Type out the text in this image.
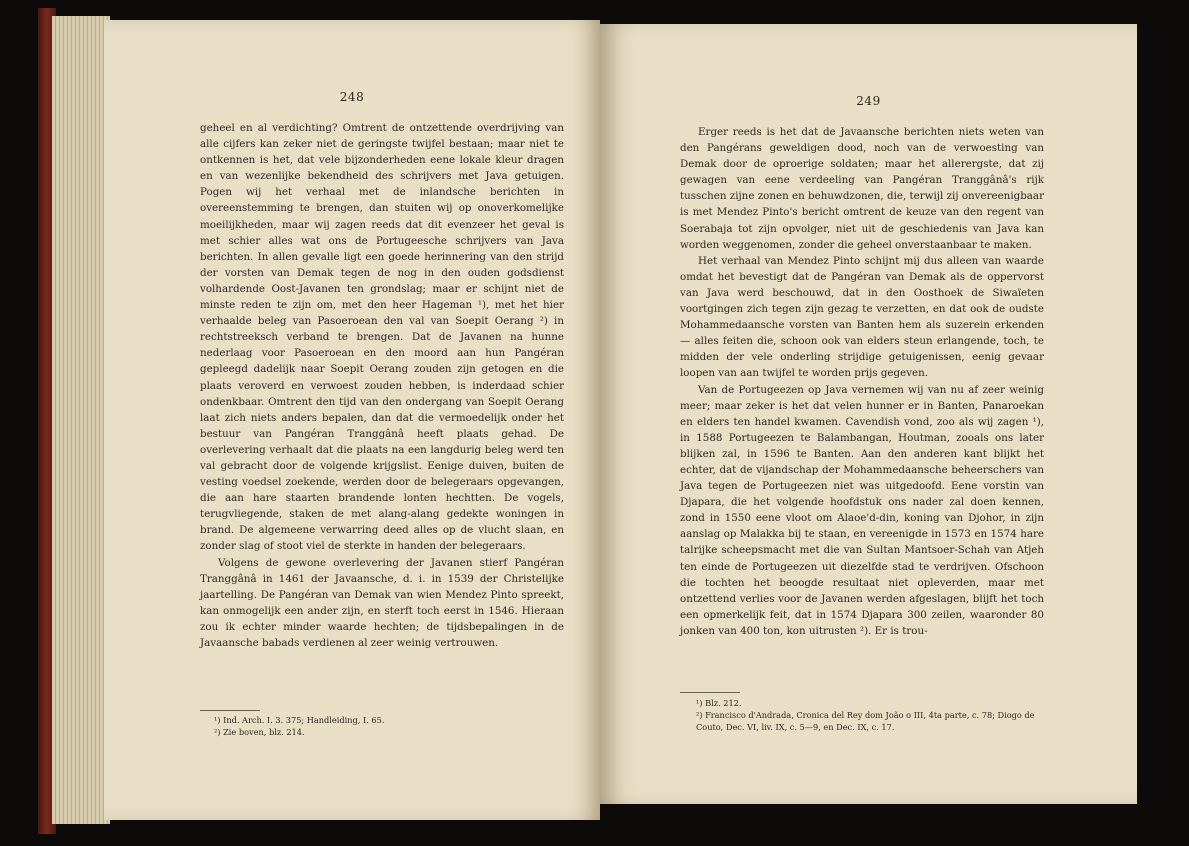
248

geheel en al verdichting? Omtrent de ontzettende overdrijving van alle cijfers kan zeker niet de geringste twijfel bestaan; maar niet te ontkennen is het, dat vele bijzonderheden eene lokale kleur dragen en van wezenlijke bekendheid des schrijvers met Java getuigen. Pogen wij het verhaal met de inlandsche berichten in overeenstemming te brengen, dan stuiten wij op onoverkomelijke moeilijkheden, maar wij zagen reeds dat dit evenzeer het geval is met schier alles wat ons de Portugeesche schrijvers van Java berichten. In allen gevalle ligt een goede herinnering van den strijd der vorsten van Demak tegen de nog in den ouden godsdienst volhardende Oost-Javanen ten grondslag; maar er schijnt niet de minste reden te zijn om, met den heer Hageman ¹), met het hier verhaalde beleg van Pasoeroean den val van Soepit Oerang ²) in rechtstreeksch verband te brengen. Dat de Javanen na hunne nederlaag voor Pasoeroean en den moord aan hun Pangéran gepleegd dadelijk naar Soepit Oerang zouden zijn getogen en die plaats veroverd en verwoest zouden hebben, is inderdaad schier ondenkbaar. Omtrent den tijd van den ondergang van Soepit Oerang laat zich niets anders bepalen, dan dat die vermoedelijk onder het bestuur van Pangéran Tranggânâ heeft plaats gehad. De overlevering verhaalt dat die plaats na een langdurig beleg werd ten val gebracht door de volgende krijgslist. Eenige duiven, buiten de vesting voedsel zoekende, werden door de belegeraars opgevangen, die aan hare staarten brandende lonten hechtten. De vogels, terugvliegende, staken de met alang-alang gedekte woningen in brand. De algemeene verwarring deed alles op de vlucht slaan, en zonder slag of stoot viel de sterkte in handen der belegeraars.

Volgens de gewone overlevering der Javanen stierf Pangéran Tranggânâ in 1461 der Javaansche, d. i. in 1539 der Christelijke jaartelling. De Pangéran van Demak van wien Mendez Pinto spreekt, kan onmogelijk een ander zijn, en sterft toch eerst in 1546. Hieraan zou ik echter minder waarde hechten; de tijdsbepalingen in de Javaansche babads verdienen al zeer weinig vertrouwen.

¹) Ind. Arch. I. 3. 375; Handleiding, I. 65.
²) Zie boven, blz. 214.
249

Erger reeds is het dat de Javaansche berichten niets weten van den Pangérans geweldigen dood, noch van de verwoesting van Demak door de oproerige soldaten; maar het allerergste, dat zij gewagen van eene verdeeling van Pangéran Tranggânâ's rijk tusschen zijne zonen en behuwdzonen, die, terwijl zij onvereenigbaar is met Mendez Pinto's bericht omtrent de keuze van den regent van Soerabaja tot zijn opvolger, niet uit de geschiedenis van Java kan worden weggenomen, zonder die geheel onverstaanbaar te maken.

Het verhaal van Mendez Pinto schijnt mij dus alleen van waarde omdat het bevestigt dat de Pangéran van Demak als de oppervorst van Java werd beschouwd, dat in den Oosthoek de Siwaïeten voortgingen zich tegen zijn gezag te verzetten, en dat ook de oudste Mohammedaansche vorsten van Banten hem als suzerein erkenden — alles feiten die, schoon ook van elders steun erlangende, toch, te midden der vele onderling strijdige getuigenissen, eenig gevaar loopen van aan twijfel te worden prijs gegeven.

Van de Portugeezen op Java vernemen wij van nu af zeer weinig meer; maar zeker is het dat velen hunner er in Banten, Panaroekan en elders ten handel kwamen. Cavendish vond, zoo als wij zagen ¹), in 1588 Portugeezen te Balambangan, Houtman, zooals ons later blijken zal, in 1596 te Banten. Aan den anderen kant blijkt het echter, dat de vijandschap der Mohammedaansche beheerschers van Java tegen de Portugeezen niet was uitgedoofd. Eene vorstin van Djapara, die het volgende hoofdstuk ons nader zal doen kennen, zond in 1550 eene vloot om Alaoe'd-din, koning van Djohor, in zijn aanslag op Malakka bij te staan, en vereenigde in 1573 en 1574 hare talrijke scheepsmacht met die van Sultan Mantsoer-Schah van Atjeh ten einde de Portugeezen uit diezelfde stad te verdrijven. Ofschoon die tochten het beoogde resultaat niet opleverden, maar met ontzettend verlies voor de Javanen werden afgeslagen, blijft het toch een opmerkelijk feit, dat in 1574 Djapara 300 zeilen, waaronder 80 jonken van 400 ton, kon uitrusten ²). Er is trou-

¹) Blz. 212.
²) Francisco d'Andrada, Cronica del Rey dom João o III, 4ta parte, c. 78; Diogo de Couto, Dec. VI, liv. IX, c. 5—9, en Dec. IX, c. 17.
